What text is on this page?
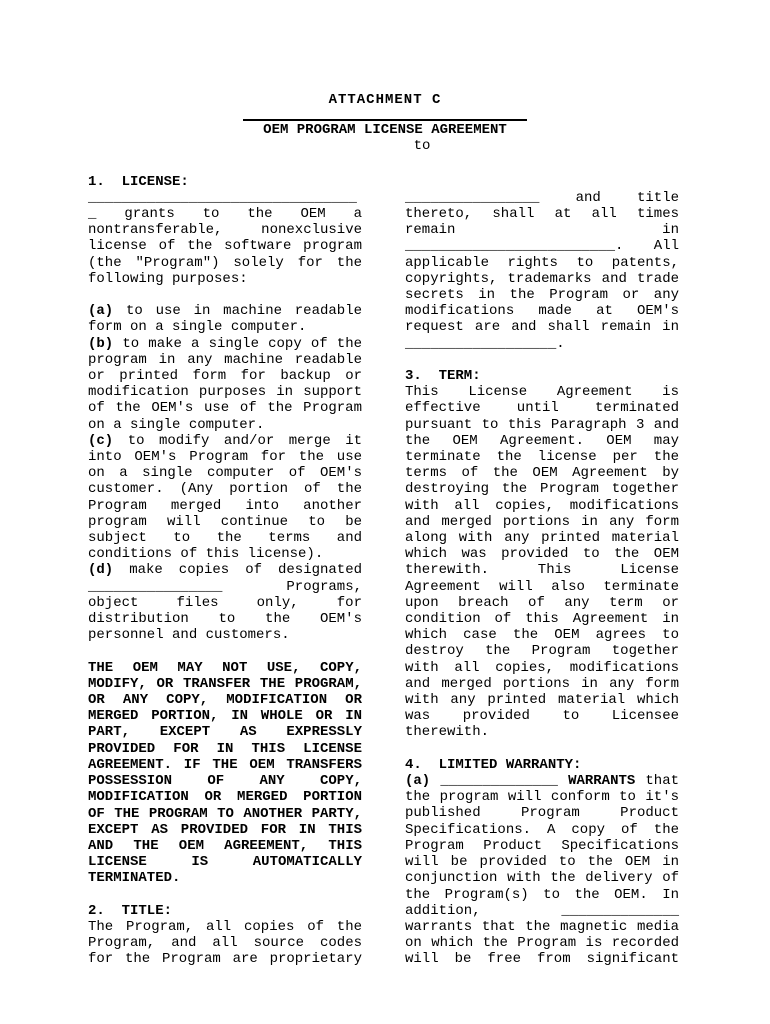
ATTACHMENT C
OEM PROGRAM LICENSE AGREEMENT
to
1.  LICENSE:
________________________________
_ grants to the OEM a
nontransferable, nonexclusive
license of the software program
(the "Program") solely for the
following purposes:
(a) to use in machine readable
form on a single computer.
(b) to make a single copy of the
program in any machine readable
or printed form for backup or
modification purposes in support
of the OEM's use of the Program
on a single computer.
(c) to modify and/or merge it
into OEM's Program for the use
on a single computer of OEM's
customer. (Any portion of the
Program merged into another
program will continue to be
subject to the terms and
conditions of this license).
(d) make copies of designated
________________ Programs,
object files only, for
distribution to the OEM's
personnel and customers.
THE OEM MAY NOT USE, COPY,
MODIFY, OR TRANSFER THE PROGRAM,
OR ANY COPY, MODIFICATION OR
MERGED PORTION, IN WHOLE OR IN
PART, EXCEPT AS EXPRESSLY
PROVIDED FOR IN THIS LICENSE
AGREEMENT. IF THE OEM TRANSFERS
POSSESSION OF ANY COPY,
MODIFICATION OR MERGED PORTION
OF THE PROGRAM TO ANOTHER PARTY,
EXCEPT AS PROVIDED FOR IN THIS
AND THE OEM AGREEMENT, THIS
LICENSE IS AUTOMATICALLY
TERMINATED.
2.  TITLE:
The Program, all copies of the
Program, and all source codes
for the Program are proprietary
________________ and title
thereto, shall at all times
remain in
_________________________. All
applicable rights to patents,
copyrights, trademarks and trade
secrets in the Program or any
modifications made at OEM's
request are and shall remain in
__________________.
3.  TERM:
This License Agreement is
effective until terminated
pursuant to this Paragraph 3 and
the OEM Agreement. OEM may
terminate the license per the
terms of the OEM Agreement by
destroying the Program together
with all copies, modifications
and merged portions in any form
along with any printed material
which was provided to the OEM
therewith. This License
Agreement will also terminate
upon breach of any term or
condition of this Agreement in
which case the OEM agrees to
destroy the Program together
with all copies, modifications
and merged portions in any form
with any printed material which
was provided to Licensee
therewith.
4.  LIMITED WARRANTY:
(a) ______________ WARRANTS that
the program will conform to it's
published Program Product
Specifications. A copy of the
Program Product Specifications
will be provided to the OEM in
conjunction with the delivery of
the Program(s) to the OEM. In
addition, ______________
warrants that the magnetic media
on which the Program is recorded
will be free from significant
